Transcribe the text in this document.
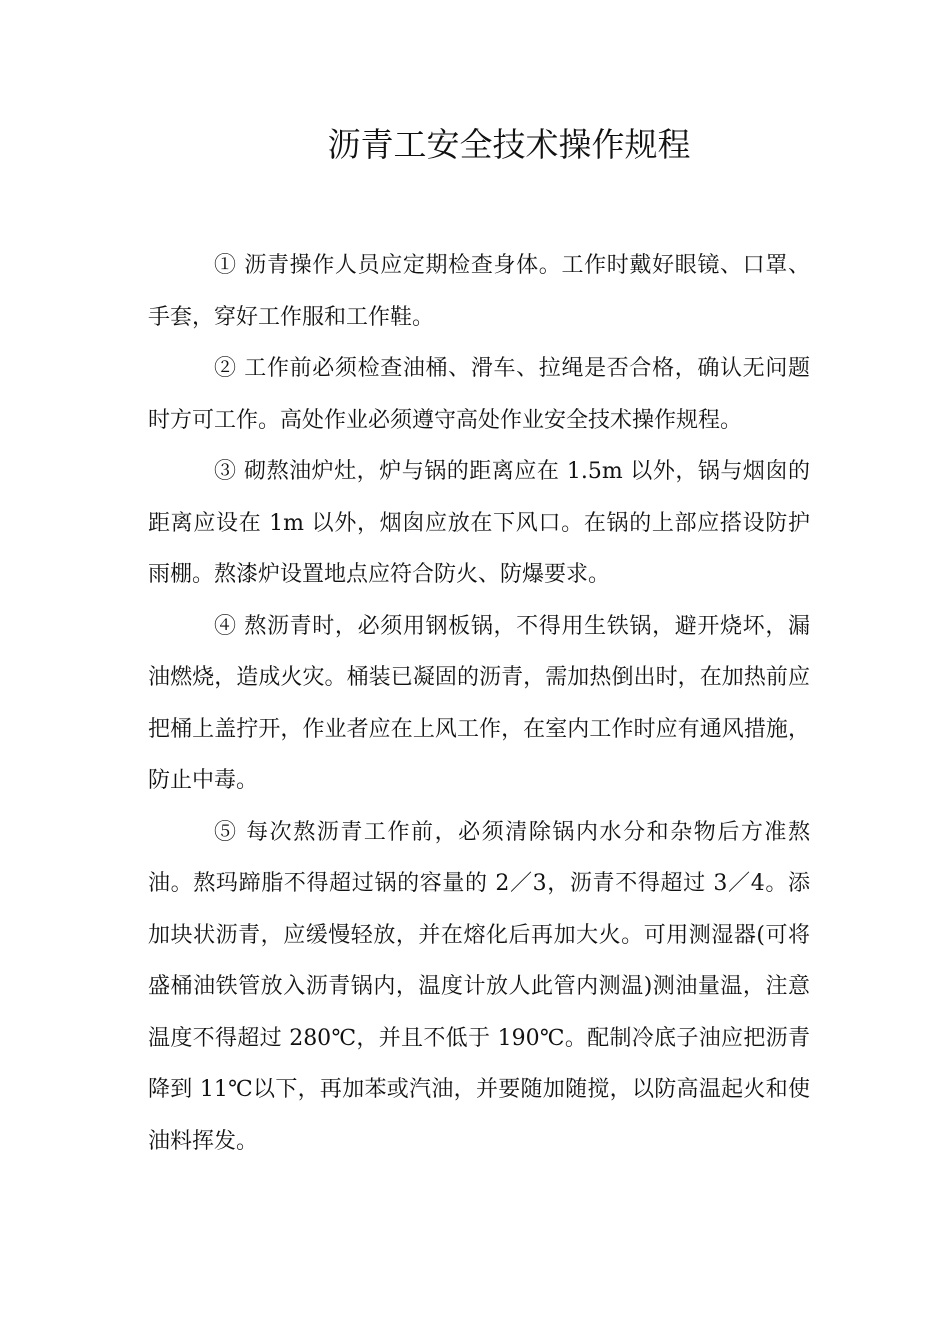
沥青工安全技术操作规程

① 沥青操作人员应定期检查身体。工作时戴好眼镜、口罩、手套，穿好工作服和工作鞋。

② 工作前必须检查油桶、滑车、拉绳是否合格，确认无问题时方可工作。高处作业必须遵守高处作业安全技术操作规程。

③ 砌熬油炉灶，炉与锅的距离应在 1.5m 以外，锅与烟囱的距离应设在 1m 以外，烟囱应放在下风口。在锅的上部应搭设防护雨棚。熬漆炉设置地点应符合防火、防爆要求。

④ 熬沥青时，必须用钢板锅，不得用生铁锅，避开烧坏，漏油燃烧，造成火灾。桶装已凝固的沥青，需加热倒出时，在加热前应把桶上盖拧开，作业者应在上风工作，在室内工作时应有通风措施，防止中毒。

⑤ 每次熬沥青工作前，必须清除锅内水分和杂物后方准熬油。熬玛蹄脂不得超过锅的容量的 2／3，沥青不得超过 3／4。添加块状沥青，应缓慢轻放，并在熔化后再加大火。可用测湿器(可将盛桶油铁管放入沥青锅内，温度计放人此管内测温)测油量温，注意温度不得超过 280℃，并且不低于 190℃。配制冷底子油应把沥青降到 11℃以下，再加苯或汽油，并要随加随搅，以防高温起火和使油料挥发。
